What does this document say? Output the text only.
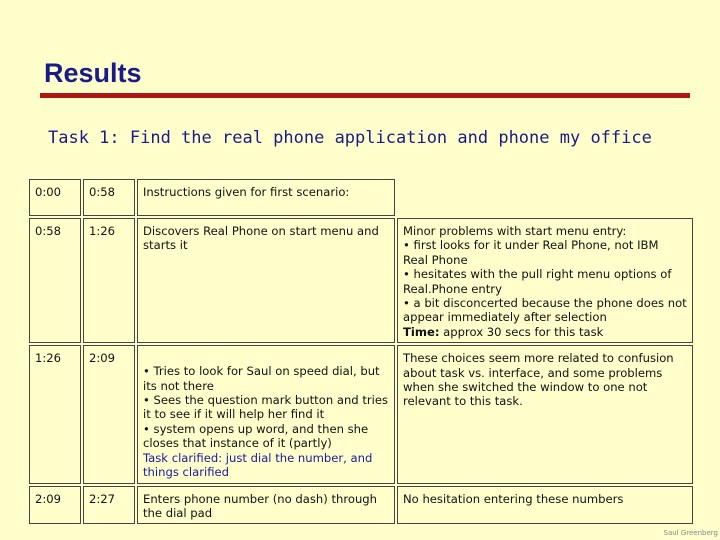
Results

Task 1: Find the real phone application and phone my office

0:00	0:58	Instructions given for first scenario:	
0:58	1:26	Discovers Real Phone on start menu and starts it	Minor problems with start menu entry:
• first looks for it under Real Phone, not IBM Real Phone
• hesitates with the pull right menu options of Real.Phone entry
• a bit disconcerted because the phone does not appear immediately after selection
Time: approx 30 secs for this task

1:26	2:09	• Tries to look for Saul on speed dial, but its not there
• Sees the question mark button and tries it to see if it will help her find it
• system opens up word, and then she closes that instance of it (partly)
Task clarified: just dial the number, and things clarified	These choices seem more related to confusion about task vs. interface, and some problems when she switched the window to one not relevant to this task.
2:09	2:27	Enters phone number (no dash) through the dial pad	No hesitation entering these numbers
Saul Greenberg
